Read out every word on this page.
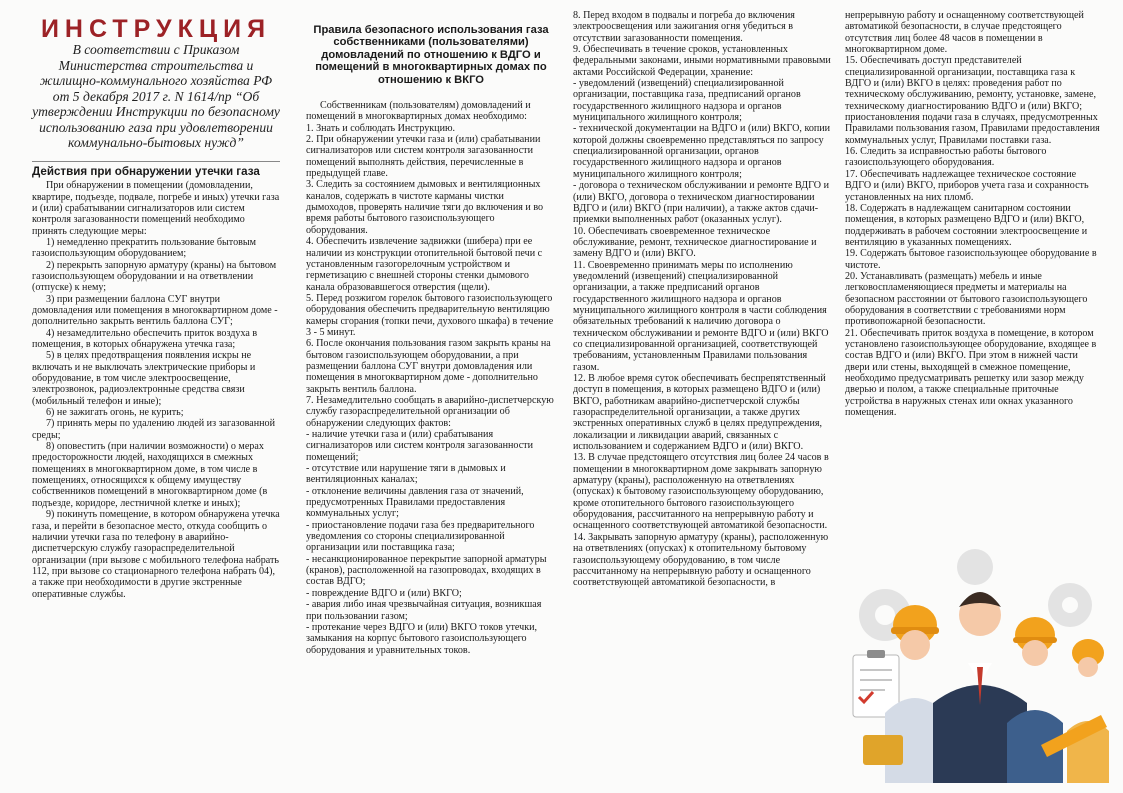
ИНСТРУКЦИЯ
В соответствии с Приказом Министерства строительства и жилищно-коммунального хозяйства РФ от 5 декабря 2017 г. N 1614/пр “Об утверждении Инструкции по безопасному использованию газа при удовлетворении коммунально-бытовых нужд”
Действия при обнаружении утечки газа
При обнаружении в помещении (домовладении, квартире, подъезде, подвале, погребе и иных) утечки газа и (или) срабатывании сигнализаторов или систем контроля загазованности помещений необходимо принять следующие меры:
1) немедленно прекратить пользование бытовым газоиспользующим оборудованием;
2) перекрыть запорную арматуру (краны) на бытовом газоиспользующем оборудовании и на ответвлении (отпуске) к нему;
3) при размещении баллона СУГ внутри домовладения или помещения в многоквартирном доме - дополнительно закрыть вентиль баллона СУГ;
4) незамедлительно обеспечить приток воздуха в помещения, в которых обнаружена утечка газа;
5) в целях предотвращения появления искры не включать и не выключать электрические приборы и оборудование, в том числе электроосвещение, электрозвонок, радиоэлектронные средства связи (мобильный телефон и иные);
6) не зажигать огонь, не курить;
7) принять меры по удалению людей из загазованной среды;
8) оповестить (при наличии возможности) о мерах предосторожности людей, находящихся в смежных помещениях в многоквартирном доме, в том числе в помещениях, относящихся к общему имуществу собственников помещений в многоквартирном доме (в подъезде, коридоре, лестничной клетке и иных);
9) покинуть помещение, в котором обнаружена утечка газа, и перейти в безопасное место, откуда сообщить о наличии утечки газа по телефону в аварийно-диспетчерскую службу газораспределительной организации (при вызове с мобильного телефона набрать 112, при вызове со стационарного телефона набрать 04), а также при необходимости в другие экстренные оперативные службы.
Правила безопасного использования газа собственниками (пользователями) домовладений по отношению к ВДГО и помещений в многоквартирных домах по отношению к ВКГО
Собственникам (пользователям) домовладений и помещений в многоквартирных домах необходимо:
1. Знать и соблюдать Инструкцию.
2. При обнаружении утечки газа и (или) срабатывании сигнализаторов или систем контроля загазованности помещений выполнять действия, перечисленные в предыдущей главе.
3. Следить за состоянием дымовых и вентиляционных каналов, содержать в чистоте карманы чистки дымоходов, проверять наличие тяги до включения и во время работы бытового газоиспользующего оборудования.
4. Обеспечить извлечение задвижки (шибера) при ее наличии из конструкции отопительной бытовой печи с установленным газогорелочным устройством и герметизацию с внешней стороны стенки дымового канала образовавшегося отверстия (щели).
5. Перед розжигом горелок бытового газоиспользующего оборудования обеспечить предварительную вентиляцию камеры сгорания (топки печи, духового шкафа) в течение 3 - 5 минут.
6. После окончания пользования газом закрыть краны на бытовом газоиспользующем оборудовании, а при размещении баллона СУГ внутри домовладения или помещения в многоквартирном доме - дополнительно закрыть вентиль баллона.
7. Незамедлительно сообщать в аварийно-диспетчерскую службу газораспределительной организации об обнаружении следующих фактов:
- наличие утечки газа и (или) срабатывания сигнализаторов или систем контроля загазованности помещений;
- отсутствие или нарушение тяги в дымовых и вентиляционных каналах;
- отклонение величины давления газа от значений, предусмотренных Правилами предоставления коммунальных услуг;
- приостановление подачи газа без предварительного уведомления со стороны специализированной организации или поставщика газа;
- несанкционированное перекрытие запорной арматуры (кранов), расположенной на газопроводах, входящих в состав ВДГО;
- повреждение ВДГО и (или) ВКГО;
- авария либо иная чрезвычайная ситуация, возникшая при пользовании газом;
- протекание через ВДГО и (или) ВКГО токов утечки, замыкания на корпус бытового газоиспользующего оборудования и уравнительных токов.
8. Перед входом в подвалы и погреба до включения электроосвещения или зажигания огня убедиться в отсутствии загазованности помещения.
9. Обеспечивать в течение сроков, установленных федеральными законами, иными нормативными правовыми актами Российской Федерации, хранение:
- уведомлений (извещений) специализированной организации, поставщика газа, предписаний органов государственного жилищного надзора и органов муниципального жилищного контроля;
- технической документации на ВДГО и (или) ВКГО, копии которой должны своевременно представляться по запросу специализированной организации, органов государственного жилищного надзора и органов муниципального жилищного контроля;
- договора о техническом обслуживании и ремонте ВДГО и (или) ВКГО, договора о техническом диагностировании ВДГО и (или) ВКГО (при наличии), а также актов сдачи-приемки выполненных работ (оказанных услуг).
10. Обеспечивать своевременное техническое обслуживание, ремонт, техническое диагностирование и замену ВДГО и (или) ВКГО.
11. Своевременно принимать меры по исполнению уведомлений (извещений) специализированной организации, а также предписаний органов государственного жилищного надзора и органов муниципального жилищного контроля в части соблюдения обязательных требований к наличию договора о техническом обслуживании и ремонте ВДГО и (или) ВКГО со специализированной организацией, соответствующей требованиям, установленным Правилами пользования газом.
12. В любое время суток обеспечивать беспрепятственный доступ в помещения, в которых размещено ВДГО и (или) ВКГО, работникам аварийно-диспетчерской службы газораспределительной организации, а также других экстренных оперативных служб в целях предупреждения, локализации и ликвидации аварий, связанных с использованием и содержанием ВДГО и (или) ВКГО.
13. В случае предстоящего отсутствия лиц более 24 часов в помещении в многоквартирном доме закрывать запорную арматуру (краны), расположенную на ответвлениях (опусках) к бытовому газоиспользующему оборудованию, кроме отопительного бытового газоиспользующего оборудования, рассчитанного на непрерывную работу и оснащенного соответствующей автоматикой безопасности.
14. Закрывать запорную арматуру (краны), расположенную на ответвлениях (опусках) к отопительному бытовому газоиспользующему оборудованию, в том числе рассчитанному на непрерывную работу и оснащенного соответствующей автоматикой безопасности, в
непрерывную работу и оснащенному соответствующей автоматикой безопасности, в случае предстоящего отсутствия лиц более 48 часов в помещении в многоквартирном доме.
15. Обеспечивать доступ представителей специализированной организации, поставщика газа к ВДГО и (или) ВКГО в целях: проведения работ по техническому обслуживанию, ремонту, установке, замене, техническому диагностированию ВДГО и (или) ВКГО;
приостановления подачи газа в случаях, предусмотренных Правилами пользования газом, Правилами предоставления коммунальных услуг, Правилами поставки газа.
16. Следить за исправностью работы бытового газоиспользующего оборудования.
17. Обеспечивать надлежащее техническое состояние ВДГО и (или) ВКГО, приборов учета газа и сохранность установленных на них пломб.
18. Содержать в надлежащем санитарном состоянии помещения, в которых размещено ВДГО и (или) ВКГО, поддерживать в рабочем состоянии электроосвещение и вентиляцию в указанных помещениях.
19. Содержать бытовое газоиспользующее оборудование в чистоте.
20. Устанавливать (размещать) мебель и иные легковоспламеняющиеся предметы и материалы на безопасном расстоянии от бытового газоиспользующего оборудования в соответствии с требованиями норм противопожарной безопасности.
21. Обеспечивать приток воздуха в помещение, в котором установлено газоиспользующее оборудование, входящее в состав ВДГО и (или) ВКГО. При этом в нижней части двери или стены, выходящей в смежное помещение, необходимо предусматривать решетку или зазор между дверью и полом, а также специальные приточные устройства в наружных стенах или окнах указанного помещения.
